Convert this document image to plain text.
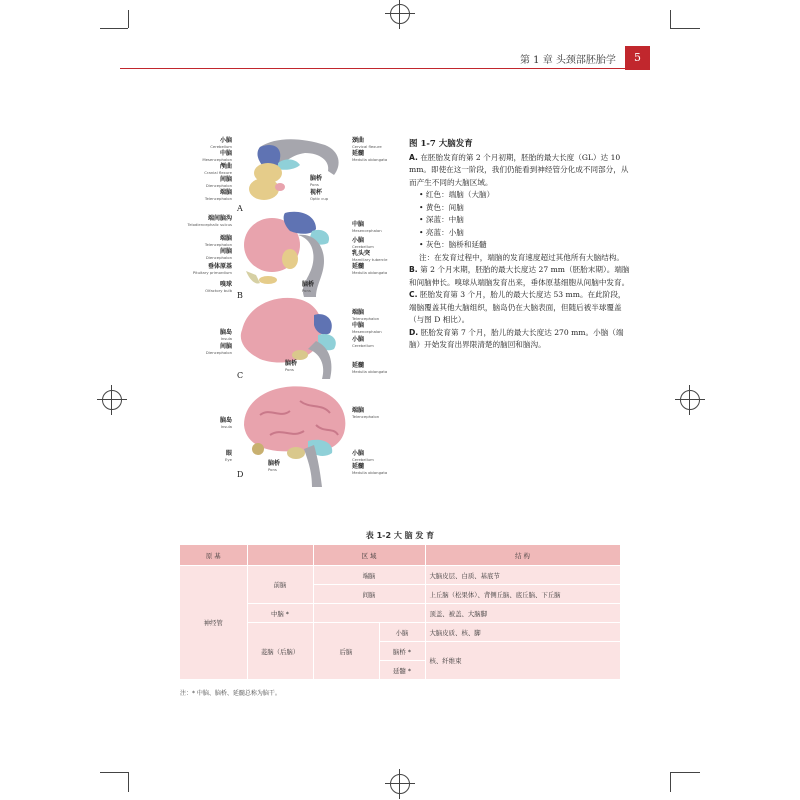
第 1 章 头颈部胚胎学	5
小脑
Cerebellum
中脑
Mesencephalon
颅曲
Cranial flexure
间脑
Diencephalon
端脑
Telencephalon
颈曲
Cervical flexure
延髓
Medulla oblongata
脑桥
Pons
视杯
Optic cup
A
端间脑沟
Telodiencephalic sulcus
端脑
Telencephalon
间脑
Diencephalon
垂体原基
Pituitary primordium
嗅球
Olfactory bulb
中脑
Mesencephalon
小脑
Cerebellum
乳头突
Mamillary tubercle
延髓
Medulla oblongata
脑桥
Pons
B
脑岛
Insula
间脑
Diencephalon
端脑
Telencephalon
中脑
Mesencephalon
小脑
Cerebellum
脑桥
Pons	延髓
Medulla oblongata
C
脑岛
Insula
眼
Eye
脑桥
Pons
端脑
Telencephalon
小脑
Cerebellum
延髓
Medulla oblongata
D
图 1-7 大脑发育

A. 在胚胎发育的第 2 个月初期，胚胎的最大长度（GL）达 10 mm。即使在这一阶段，我们仍能看到神经管分化成不同部分，从而产生不同的大脑区域。

• 红色：端脑（大脑）

• 黄色：间脑

• 深蓝：中脑

• 亮蓝：小脑

• 灰色：脑桥和延髓

注：在发育过程中，端脑的发育速度超过其他所有大脑结构。

B. 第 2 个月末期，胚胎的最大长度达 27 mm（胚胎末期）。端脑和间脑伸长。嗅球从端脑发育出来，垂体原基细胞从间脑中发育。

C. 胚胎发育第 3 个月，胎儿的最大长度达 53 mm。在此阶段，端脑覆盖其他大脑组织，脑岛仍在大脑表面，但随后被半球覆盖（与图 D 相比）。

D. 胚胎发育第 7 个月，胎儿的最大长度达 270 mm。小脑（端脑）开始发育出界限清楚的脑回和脑沟。

表 1-2 大 脑 发 育
原 基		区 域		结 构
神经管	前脑	端脑		大脑皮层、白质、基底节
		间脑		上丘脑（松果体）、背侧丘脑、底丘脑、下丘脑
	中脑 *			顶盖、被盖、大脑脚
	菱脑（后脑）	后脑	小脑	大脑皮质、核、脚
			脑桥 *	核、纤维束
			延髓 *	
注：* 中脑、脑桥、延髓总称为脑干。
